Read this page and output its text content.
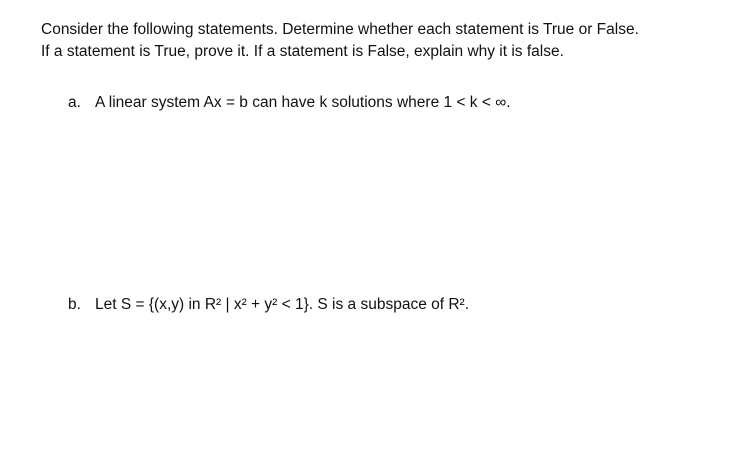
Consider the following statements. Determine whether each statement is True or False.
If a statement is True, prove it. If a statement is False, explain why it is false.
a. A linear system Ax = b can have k solutions where 1 < k < ∞.
b. Let S = {(x,y) in R² | x² + y² < 1}. S is a subspace of R².
